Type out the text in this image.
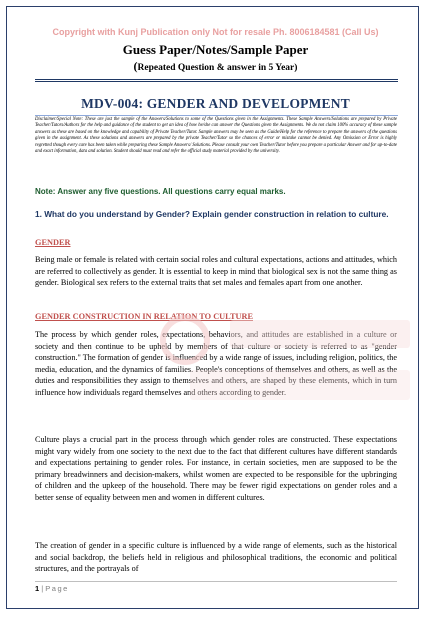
Copyright with Kunj Publication only Not for resale Ph. 8006184581 (Call Us)
Guess Paper/Notes/Sample Paper
(Repeated Question & answer in 5 Year)
MDV-004: GENDER AND DEVELOPMENT
Disclaimer/Special Note: These are just the sample of the Answers/Solutions to some of the Questions given in the Assignments. These Sample Answers/Solutions are prepared by Private Teacher/Tutors/Authors for the help and guidance of the student to get an idea of how he/she can answer the Questions given the Assignments. We do not claim 100% accuracy of these sample answers as these are based on the knowledge and capability of Private Teacher/Tutor. Sample answers may be seen as the Guide/Help for the reference to prepare the answers of the questions given in the assignment. As these solutions and answers are prepared by the private Teacher/Tutor so the chances of error or mistake cannot be denied. Any Omission or Error is highly regretted though every care has been taken while preparing these Sample Answers/ Solutions. Please consult your own Teacher/Tutor before you prepare a particular Answer and for up-to-date and exact information, data and solution. Student should must read and refer the official study material provided by the university.
Note: Answer any five questions. All questions carry equal marks.
1. What do you understand by Gender? Explain gender construction in relation to culture.
GENDER
Being male or female is related with certain social roles and cultural expectations, actions and attitudes, which are referred to collectively as gender. It is essential to keep in mind that biological sex is not the same thing as gender. Biological sex refers to the external traits that set males and females apart from one another.
GENDER CONSTRUCTION IN RELATION TO CULTURE
The process by which gender roles, expectations, behaviors, and attitudes are established in a culture or society and then continue to be upheld by members of that culture or society is referred to as "gender construction." The formation of gender is influenced by a wide range of issues, including religion, politics, the media, education, and the dynamics of families. People's conceptions of themselves and others, as well as the duties and responsibilities they assign to themselves and others, are shaped by these elements, which in turn influence how individuals regard themselves and others according to gender.
Culture plays a crucial part in the process through which gender roles are constructed. These expectations might vary widely from one society to the next due to the fact that different cultures have different standards and expectations pertaining to gender roles. For instance, in certain societies, men are supposed to be the primary breadwinners and decision-makers, whilst women are expected to be responsible for the upbringing of children and the upkeep of the household. There may be fewer rigid expectations on gender roles and a better sense of equality between men and women in different cultures.
The creation of gender in a specific culture is influenced by a wide range of elements, such as the historical and social backdrop, the beliefs held in religious and philosophical traditions, the economic and political structures, and the portrayals of
1 | Page
